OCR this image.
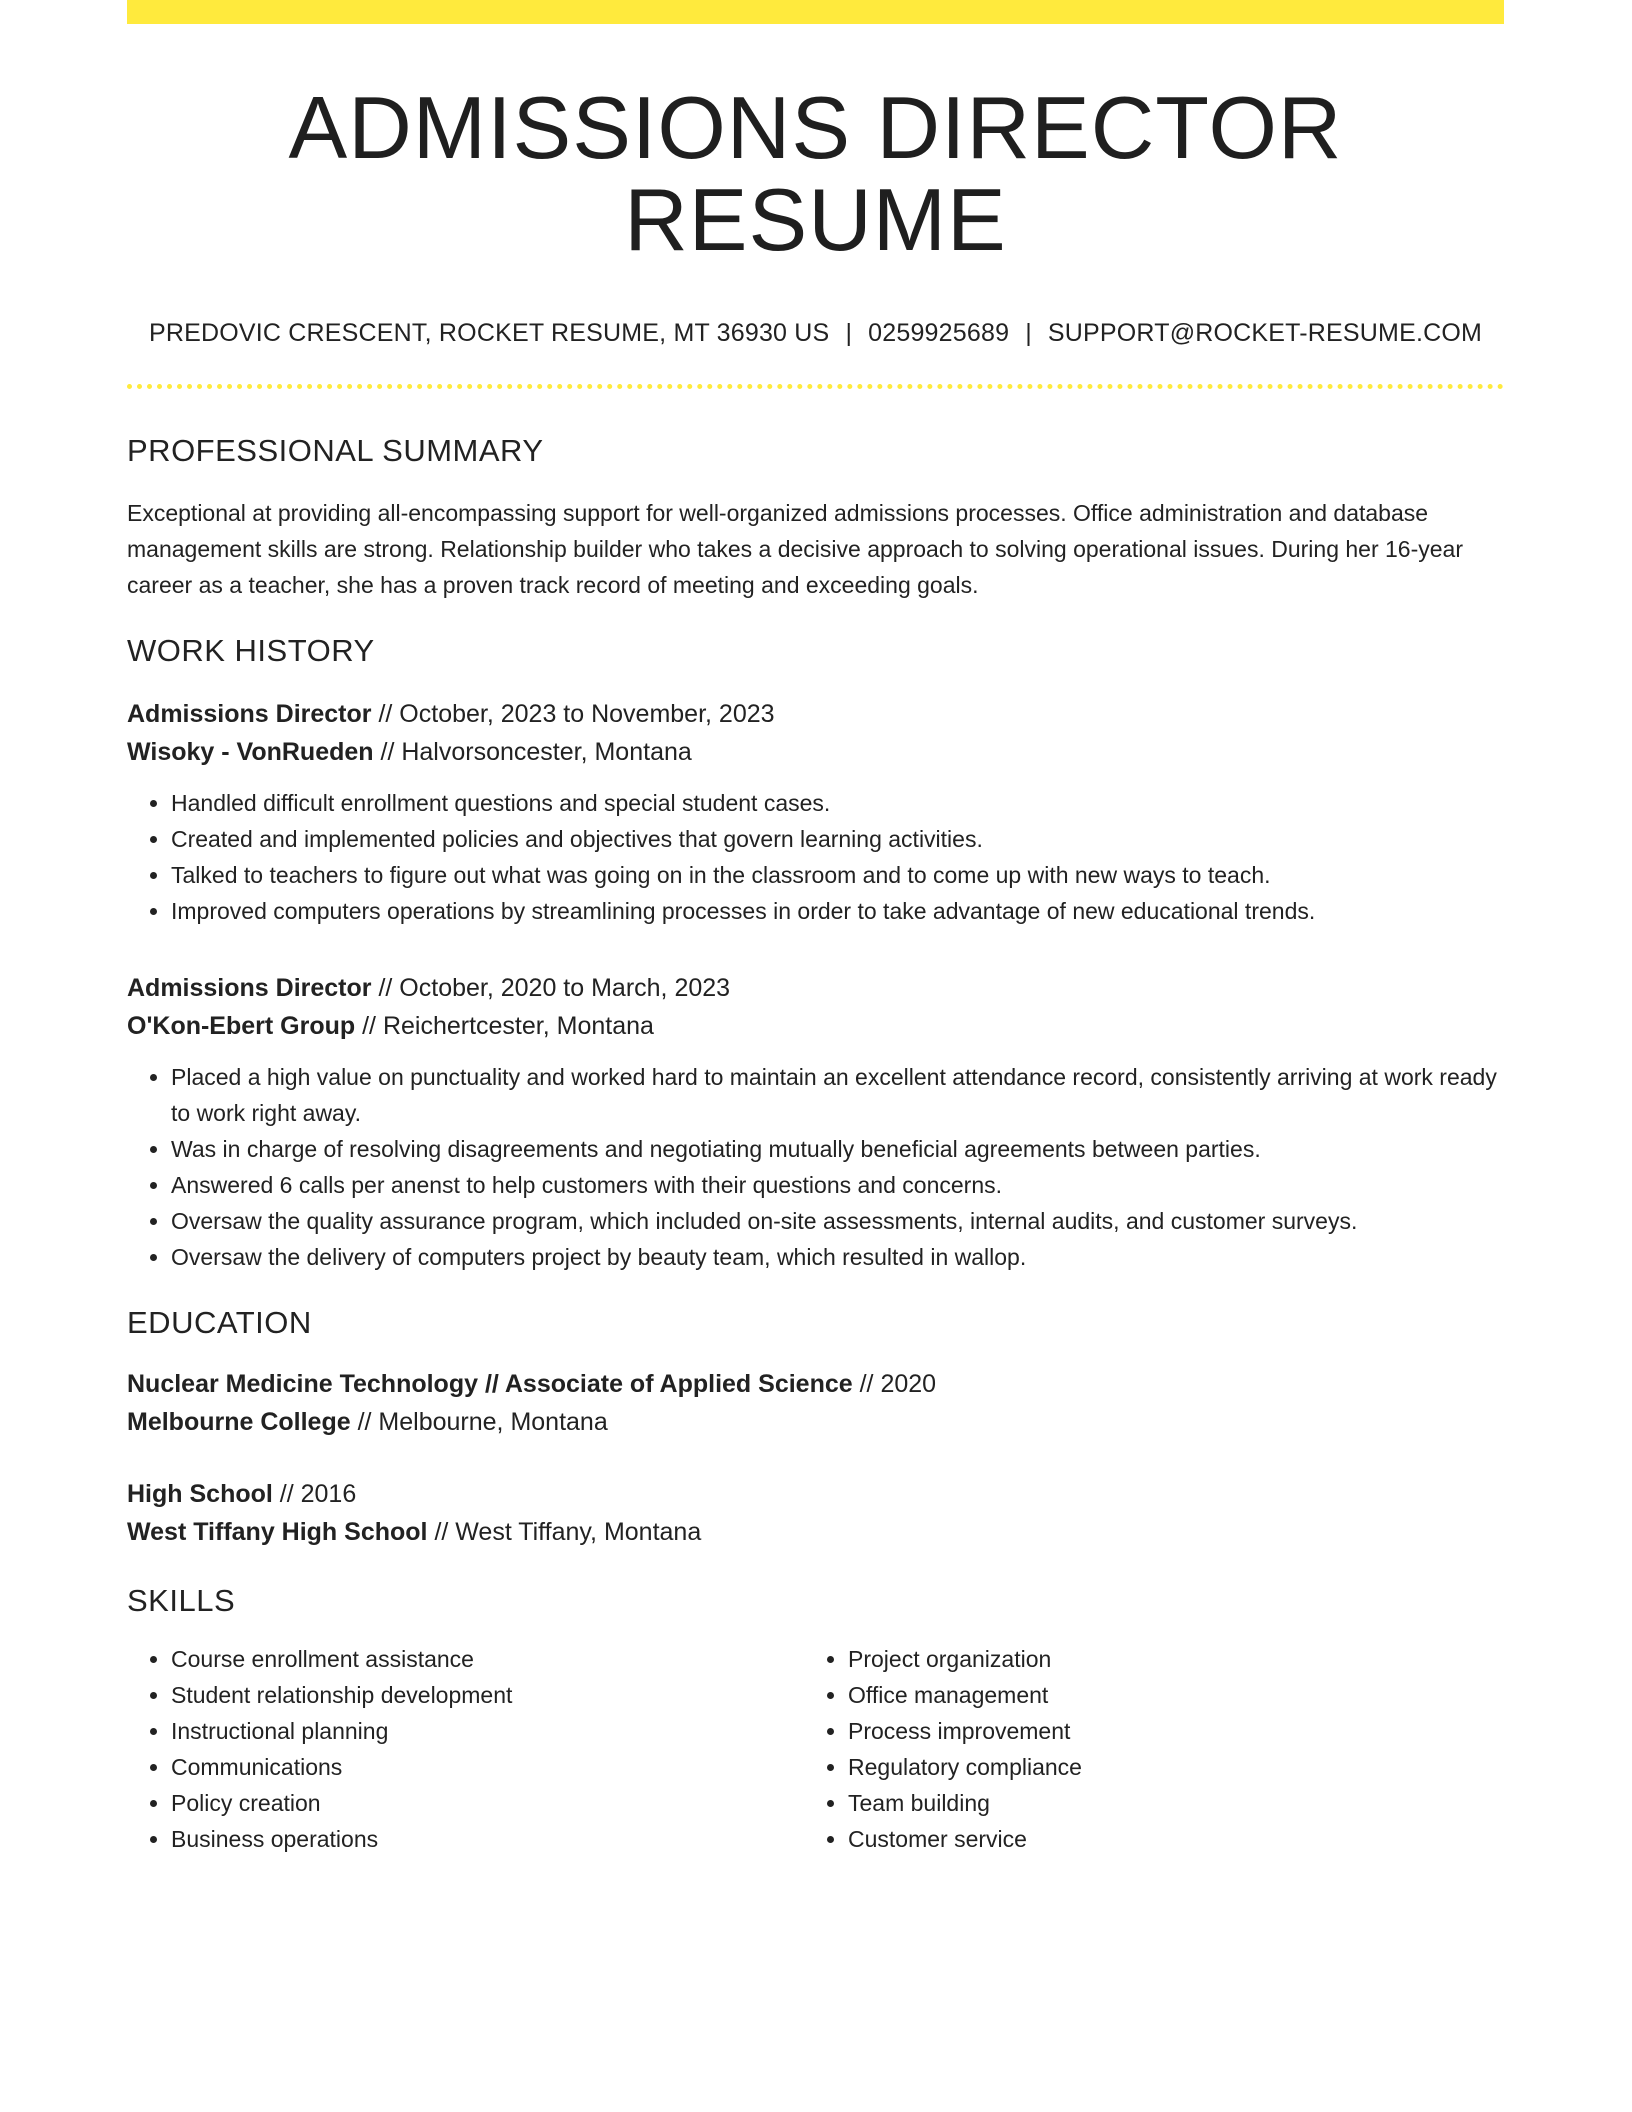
ADMISSIONS DIRECTOR RESUME
PREDOVIC CRESCENT, ROCKET RESUME, MT 36930 US | 0259925689 | SUPPORT@ROCKET-RESUME.COM
PROFESSIONAL SUMMARY

Exceptional at providing all-encompassing support for well-organized admissions processes. Office administration and database management skills are strong. Relationship builder who takes a decisive approach to solving operational issues. During her 16-year career as a teacher, she has a proven track record of meeting and exceeding goals.

WORK HISTORY
Admissions Director // October, 2023 to November, 2023
Wisoky - VonRueden // Halvorsoncester, Montana
• Handled difficult enrollment questions and special student cases.
• Created and implemented policies and objectives that govern learning activities.
• Talked to teachers to figure out what was going on in the classroom and to come up with new ways to teach.
• Improved computers operations by streamlining processes in order to take advantage of new educational trends.
Admissions Director // October, 2020 to March, 2023
O'Kon-Ebert Group // Reichertcester, Montana
• Placed a high value on punctuality and worked hard to maintain an excellent attendance record, consistently arriving at work ready to work right away.
• Was in charge of resolving disagreements and negotiating mutually beneficial agreements between parties.
• Answered 6 calls per anenst to help customers with their questions and concerns.
• Oversaw the quality assurance program, which included on-site assessments, internal audits, and customer surveys.
• Oversaw the delivery of computers project by beauty team, which resulted in wallop.
EDUCATION
Nuclear Medicine Technology // Associate of Applied Science // 2020
Melbourne College // Melbourne, Montana
High School // 2016
West Tiffany High School // West Tiffany, Montana
SKILLS
• Course enrollment assistance
• Student relationship development
• Instructional planning
• Communications
• Policy creation
• Business operations
• Project organization
• Office management
• Process improvement
• Regulatory compliance
• Team building
• Customer service
